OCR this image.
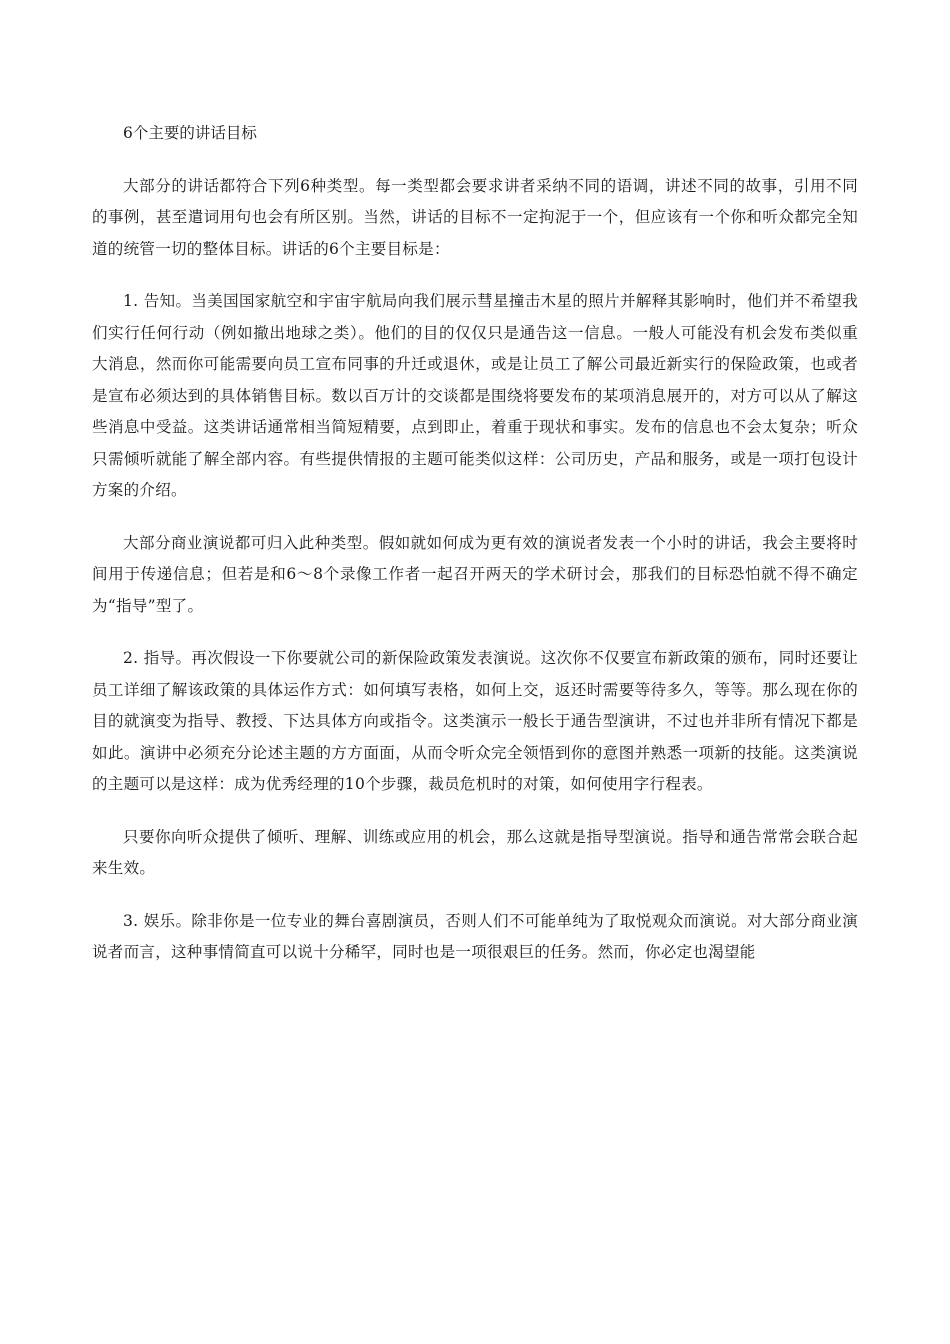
6个主要的讲话目标

大部分的讲话都符合下列6种类型。每一类型都会要求讲者采纳不同的语调，讲述不同的故事，引用不同的事例，甚至遣词用句也会有所区别。当然，讲话的目标不一定拘泥于一个，但应该有一个你和听众都完全知道的统管一切的整体目标。讲话的6个主要目标是：

1. 告知。当美国国家航空和宇宙宇航局向我们展示彗星撞击木星的照片并解释其影响时，他们并不希望我们实行任何行动（例如撤出地球之类）。他们的目的仅仅只是通告这一信息。一般人可能没有机会发布类似重大消息，然而你可能需要向员工宣布同事的升迁或退休，或是让员工了解公司最近新实行的保险政策，也或者是宣布必须达到的具体销售目标。数以百万计的交谈都是围绕将要发布的某项消息展开的，对方可以从了解这些消息中受益。这类讲话通常相当简短精要，点到即止，着重于现状和事实。发布的信息也不会太复杂；听众只需倾听就能了解全部内容。有些提供情报的主题可能类似这样：公司历史，产品和服务，或是一项打包设计方案的介绍。

大部分商业演说都可归入此种类型。假如就如何成为更有效的演说者发表一个小时的讲话，我会主要将时间用于传递信息；但若是和6～8个录像工作者一起召开两天的学术研讨会，那我们的目标恐怕就不得不确定为“指导”型了。

2. 指导。再次假设一下你要就公司的新保险政策发表演说。这次你不仅要宣布新政策的颁布，同时还要让员工详细了解该政策的具体运作方式：如何填写表格，如何上交，返还时需要等待多久，等等。那么现在你的目的就演变为指导、教授、下达具体方向或指令。这类演示一般长于通告型演讲，不过也并非所有情况下都是如此。演讲中必须充分论述主题的方方面面，从而令听众完全领悟到你的意图并熟悉一项新的技能。这类演说的主题可以是这样：成为优秀经理的10个步骤，裁员危机时的对策，如何使用字行程表。

只要你向听众提供了倾听、理解、训练或应用的机会，那么这就是指导型演说。指导和通告常常会联合起来生效。

3. 娱乐。除非你是一位专业的舞台喜剧演员，否则人们不可能单纯为了取悦观众而演说。对大部分商业演说者而言，这种事情简直可以说十分稀罕，同时也是一项很艰巨的任务。然而，你必定也渴望能
